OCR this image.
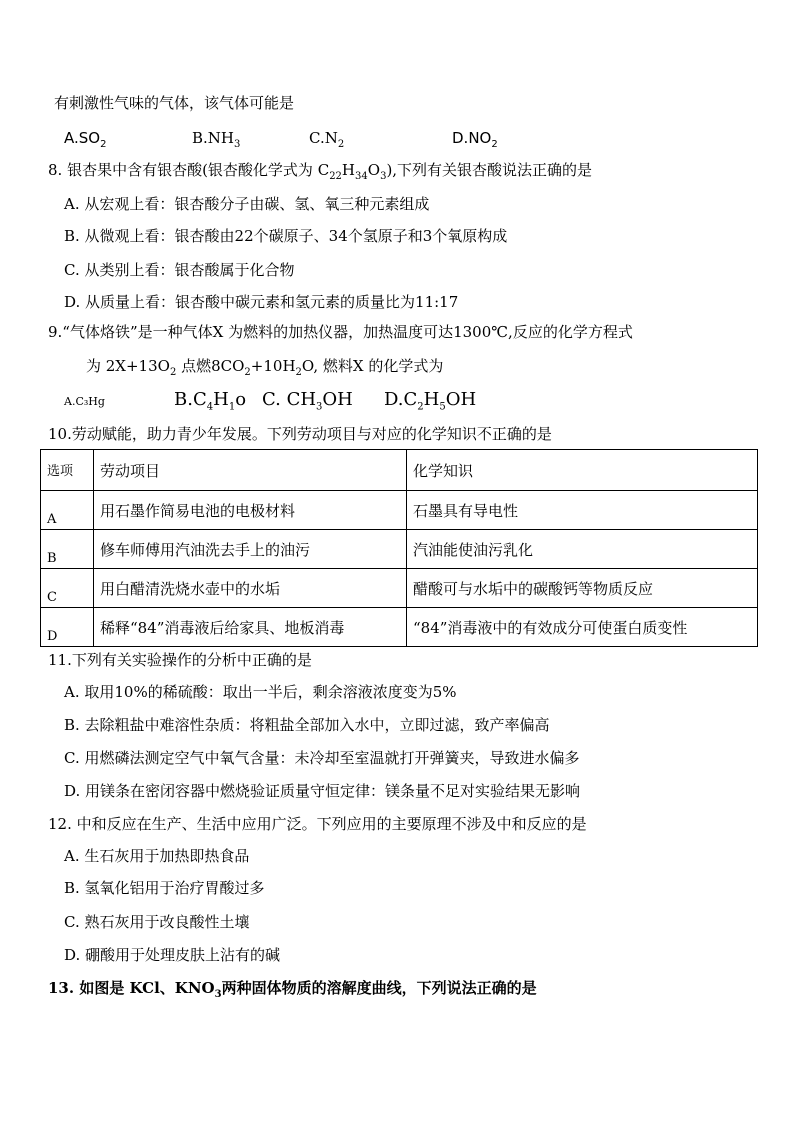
有刺激性气味的气体，该气体可能是
$A.SO_2$	$B.NH_3$	$C.N_2$	$D.NO_2$
8. 银杏果中含有银杏酸(银杏酸化学式为 $C_{22}H_{34}O_3$),下列有关银杏酸说法正确的是
A. 从宏观上看：银杏酸分子由碳、氢、氧三种元素组成
B. 从微观上看：银杏酸由22个碳原子、34个氢原子和3个氧原构成
C. 从类别上看：银杏酸属于化合物
D. 从质量上看：银杏酸中碳元素和氢元素的质量比为11:17
9.“气体烙铁”是一种气体X 为燃料的加热仪器，加热温度可达1300℃,反应的化学方程式
为 $2X+13O_2$ 点燃$8CO_2+10H_2O$, 燃料X 的化学式为
A.C₃Hg	$B.C_4H_1o$ C. $CH_3OH$ $D.C_2H_5OH$
10.劳动赋能，助力青少年发展。下列劳动项目与对应的化学知识不正确的是
选项	劳动项目	化学知识
A	用石墨作简易电池的电极材料	石墨具有导电性
B	修车师傅用汽油洗去手上的油污	汽油能使油污乳化
C	用白醋清洗烧水壶中的水垢	醋酸可与水垢中的碳酸钙等物质反应
D	稀释“84”消毒液后给家具、地板消毒	“84”消毒液中的有效成分可使蛋白质变性
11.下列有关实验操作的分析中正确的是
A. 取用10%的稀硫酸：取出一半后，剩余溶液浓度变为5%
B. 去除粗盐中难溶性杂质：将粗盐全部加入水中，立即过滤，致产率偏高
C. 用燃磷法测定空气中氧气含量：未冷却至室温就打开弹簧夹，导致进水偏多
D. 用镁条在密闭容器中燃烧验证质量守恒定律：镁条量不足对实验结果无影响
12. 中和反应在生产、生活中应用广泛。下列应用的主要原理不涉及中和反应的是
A. 生石灰用于加热即热食品
B. 氢氧化铝用于治疗胃酸过多
C. 熟石灰用于改良酸性土壤
D. 硼酸用于处理皮肤上沾有的碱
13. 如图是 KCl、$KNO_3$两种固体物质的溶解度曲线，下列说法正确的是
